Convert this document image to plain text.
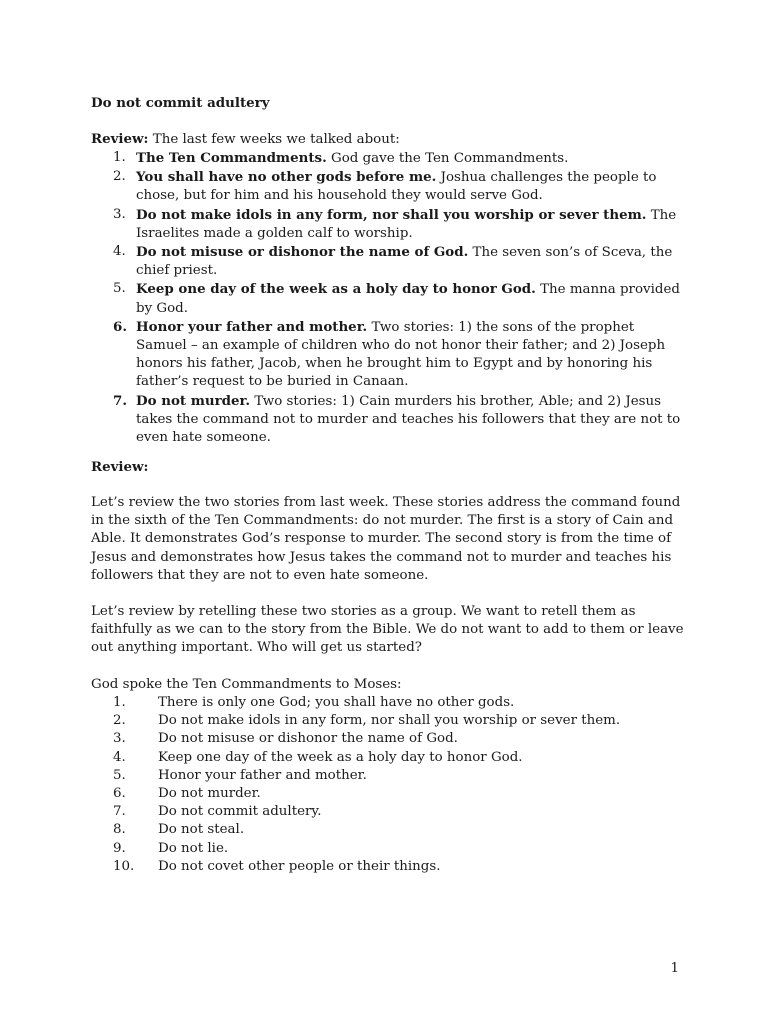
Do not commit adultery
Review: The last few weeks we talked about:
1. The Ten Commandments. God gave the Ten Commandments.
2. You shall have no other gods before me. Joshua challenges the people to chose, but for him and his household they would serve God.
3. Do not make idols in any form, nor shall you worship or sever them. The Israelites made a golden calf to worship.
4. Do not misuse or dishonor the name of God. The seven son’s of Sceva, the chief priest.
5. Keep one day of the week as a holy day to honor God. The manna provided by God.
6. Honor your father and mother. Two stories: 1) the sons of the prophet Samuel – an example of children who do not honor their father; and 2) Joseph honors his father, Jacob, when he brought him to Egypt and by honoring his father’s request to be buried in Canaan.
7. Do not murder. Two stories: 1) Cain murders his brother, Able; and 2) Jesus takes the command not to murder and teaches his followers that they are not to even hate someone.
Review:
Let’s review the two stories from last week. These stories address the command found in the sixth of the Ten Commandments: do not murder. The first is a story of Cain and Able. It demonstrates God’s response to murder. The second story is from the time of Jesus and demonstrates how Jesus takes the command not to murder and teaches his followers that they are not to even hate someone.
Let’s review by retelling these two stories as a group. We want to retell them as faithfully as we can to the story from the Bible. We do not want to add to them or leave out anything important. Who will get us started?
God spoke the Ten Commandments to Moses:
1. There is only one God; you shall have no other gods.
2. Do not make idols in any form, nor shall you worship or sever them.
3. Do not misuse or dishonor the name of God.
4. Keep one day of the week as a holy day to honor God.
5. Honor your father and mother.
6. Do not murder.
7. Do not commit adultery.
8. Do not steal.
9. Do not lie.
10. Do not covet other people or their things.
1
